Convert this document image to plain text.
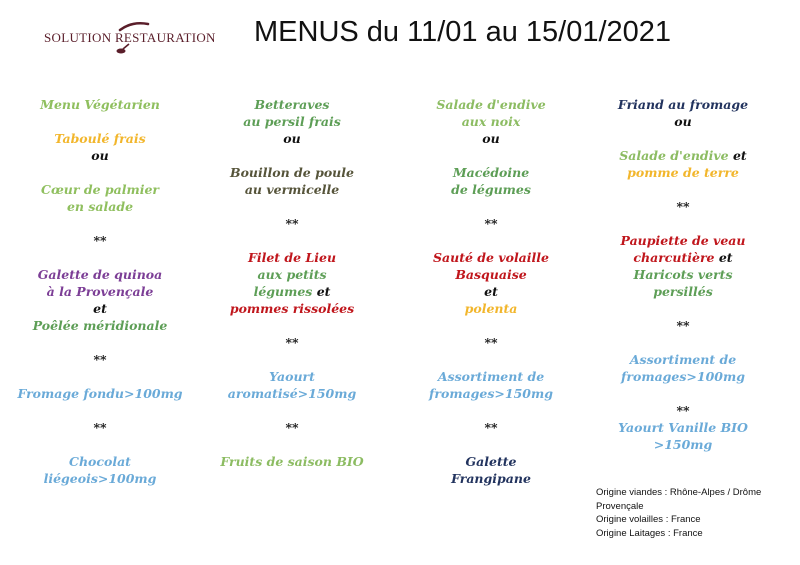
SOLUTION RESTAURATION MENUS du 11/01 au 15/01/2021
Menu Végétarien
Taboulé frais
ou
Cœur de palmier
en salade
**
Galette de quinoa
à la Provençale
et
Poêlée méridionale
**
Fromage fondu>100mg
**
Chocolat
liégeois>100mg
Betteraves
au persil frais
ou
Bouillon de poule
au vermicelle
**
Filet de Lieu
aux petits
légumes et
pommes rissolées
**
Yaourt
aromatisé>150mg
**
Fruits de saison BIO
Salade d'endive
aux noix
ou
Macédoine
de légumes
**
Sauté de volaille
Basquaise
et
polenta
**
Assortiment de
fromages>150mg
**
Galette
Frangipane
Friand au fromage
ou
Salade d'endive et
pomme de terre
**
Paupiette de veau
charcutière et
Haricots verts
persillés
**
Assortiment de
fromages>100mg
**
Yaourt Vanille BIO
>150mg
Origine viandes : Rhône-Alpes / Drôme
Provençale
Origine volailles : France
Origine Laitages : France
